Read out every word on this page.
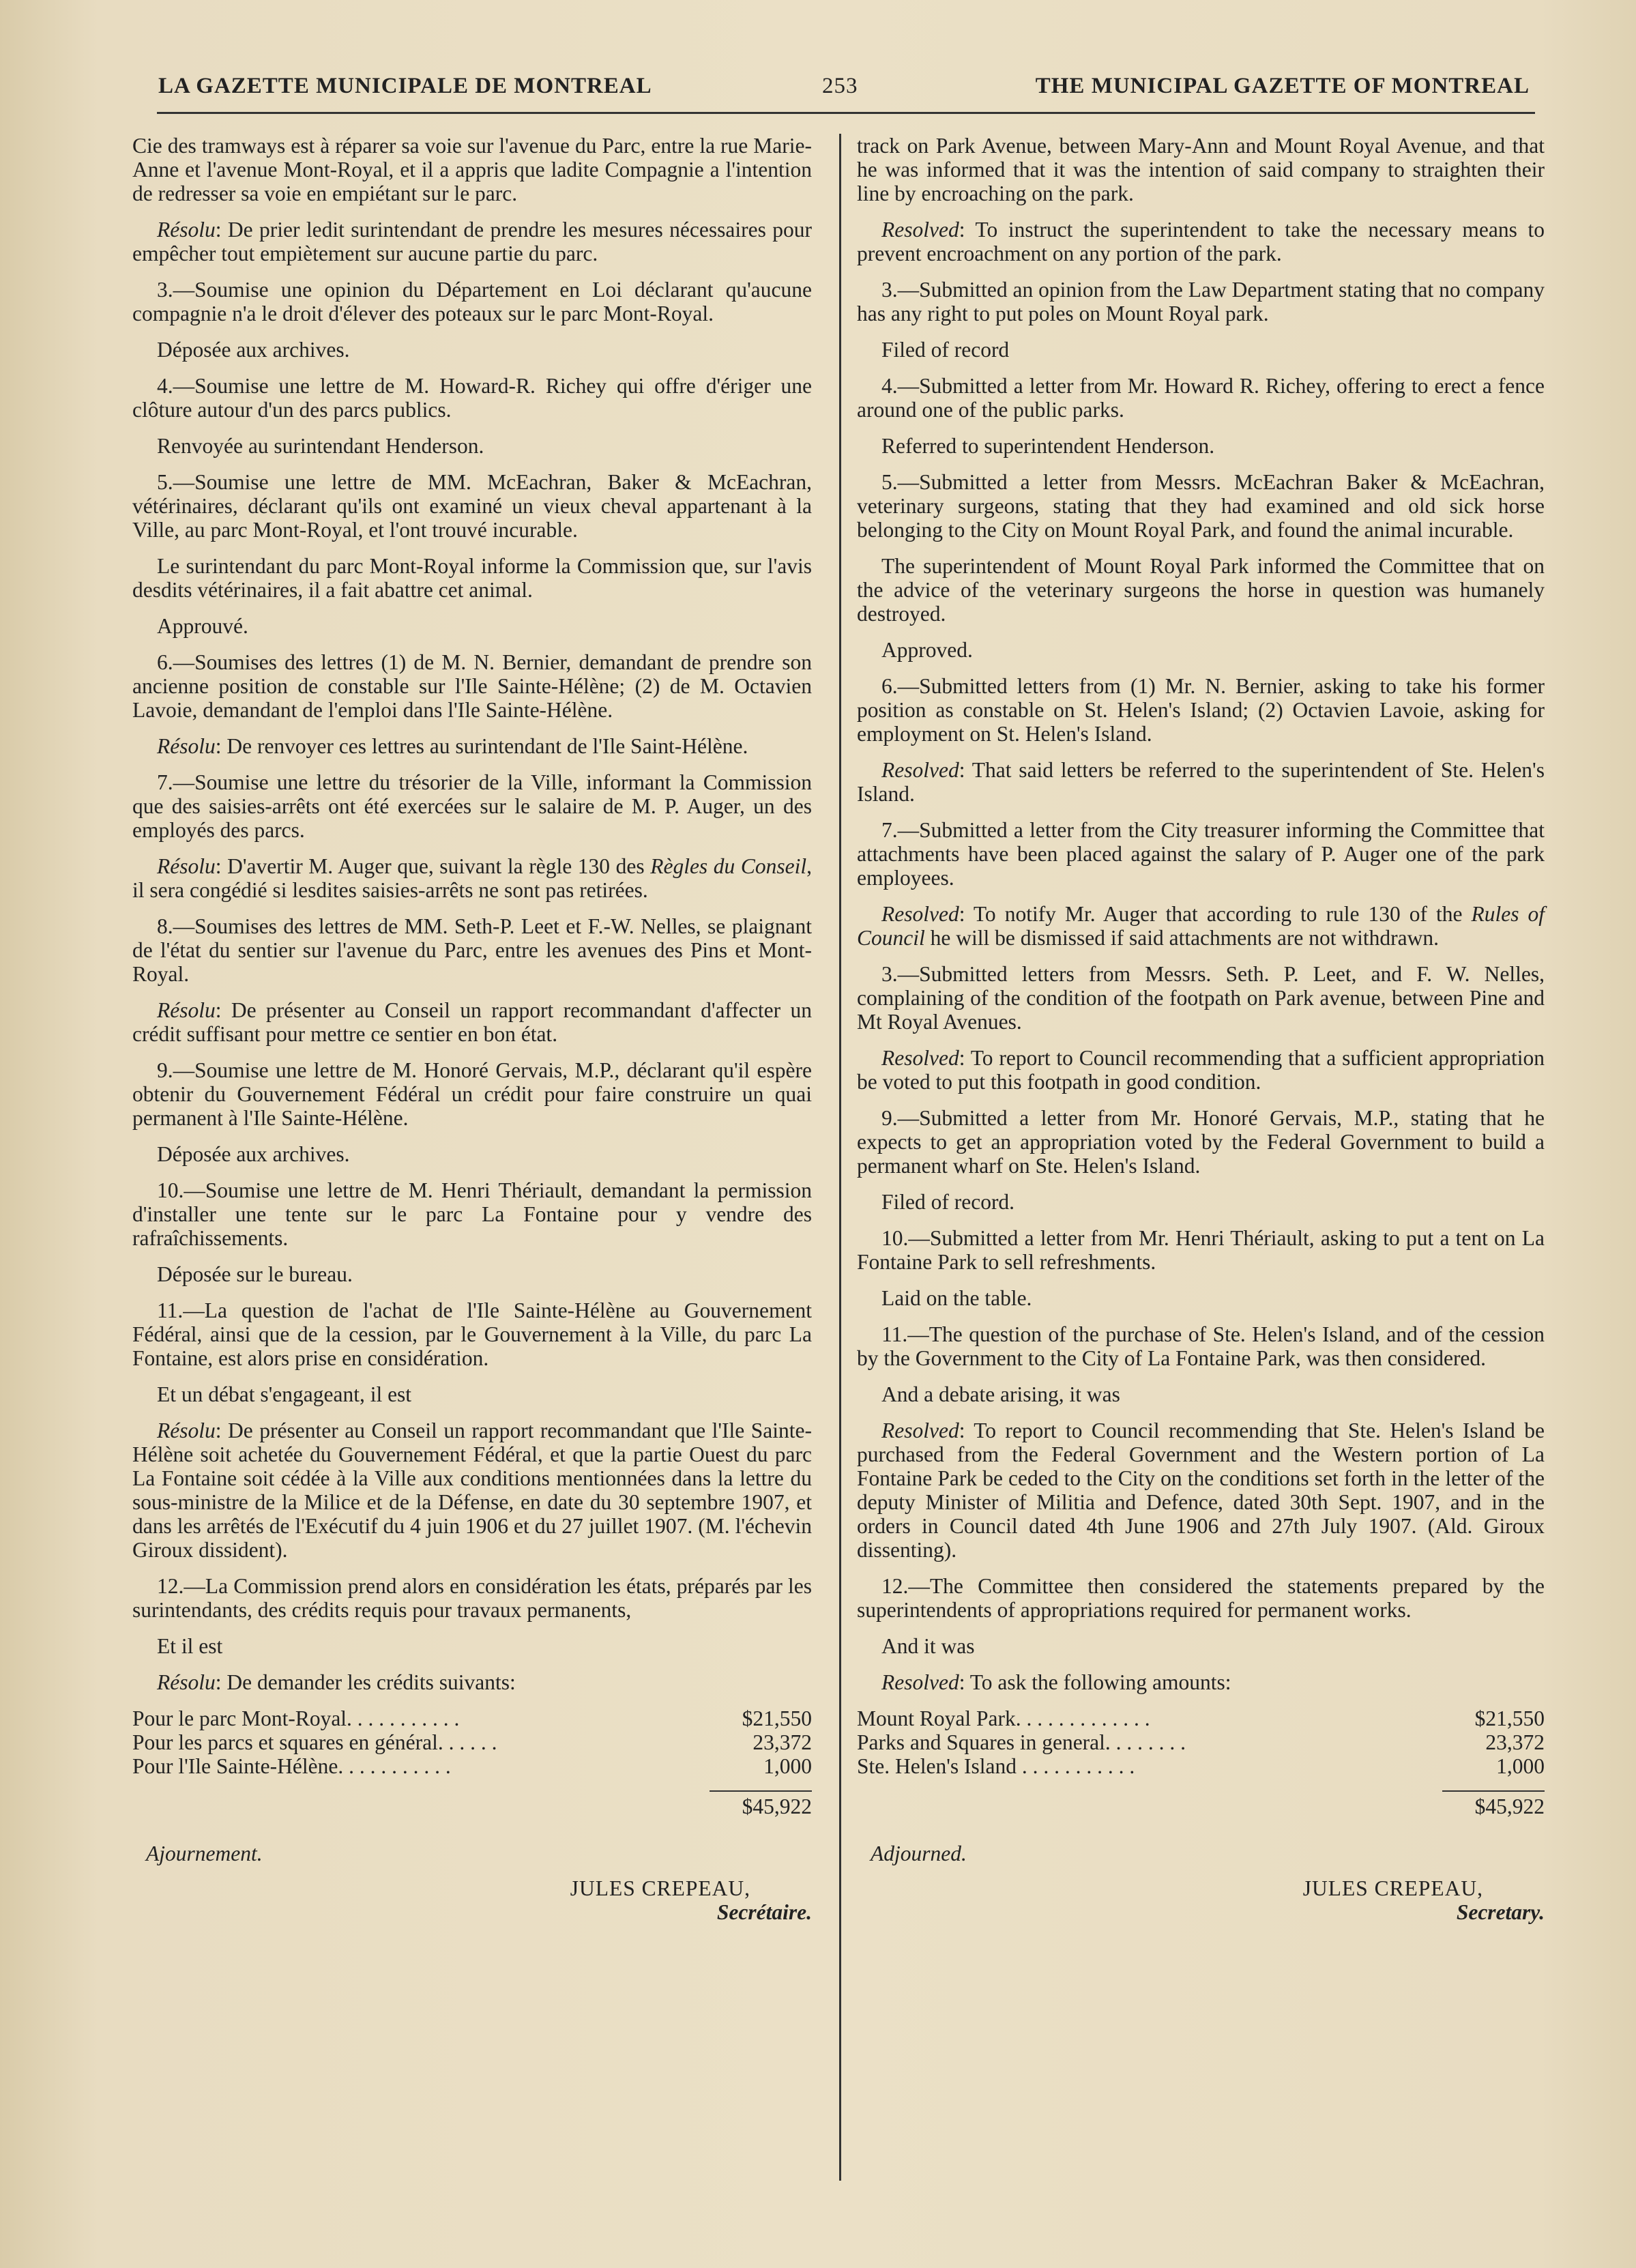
LA GAZETTE MUNICIPALE DE MONTREAL	253	THE MUNICIPAL GAZETTE OF MONTREAL

Cie des tramways est à réparer sa voie sur l'avenue du Parc, entre la rue Marie-Anne et l'avenue Mont-Royal, et il a appris que ladite Compagnie a l'intention de redresser sa voie en empiétant sur le parc.

Résolu: De prier ledit surintendant de prendre les mesures nécessaires pour empêcher tout empiètement sur aucune partie du parc.

3.—Soumise une opinion du Département en Loi déclarant qu'aucune compagnie n'a le droit d'élever des poteaux sur le parc Mont-Royal.

Déposée aux archives.

4.—Soumise une lettre de M. Howard-R. Richey qui offre d'ériger une clôture autour d'un des parcs publics.

Renvoyée au surintendant Henderson.

5.—Soumise une lettre de MM. McEachran, Baker & McEachran, vétérinaires, déclarant qu'ils ont examiné un vieux cheval appartenant à la Ville, au parc Mont-Royal, et l'ont trouvé incurable.

Le surintendant du parc Mont-Royal informe la Commission que, sur l'avis desdits vétérinaires, il a fait abattre cet animal.

Approuvé.

6.—Soumises des lettres (1) de M. N. Bernier, demandant de prendre son ancienne position de constable sur l'Ile Sainte-Hélène; (2) de M. Octavien Lavoie, demandant de l'emploi dans l'Ile Sainte-Hélène.

Résolu: De renvoyer ces lettres au surintendant de l'Ile Saint-Hélène.

7.—Soumise une lettre du trésorier de la Ville, informant la Commission que des saisies-arrêts ont été exercées sur le salaire de M. P. Auger, un des employés des parcs.

Résolu: D'avertir M. Auger que, suivant la règle 130 des Règles du Conseil, il sera congédié si lesdites saisies-arrêts ne sont pas retirées.

8.—Soumises des lettres de MM. Seth-P. Leet et F.-W. Nelles, se plaignant de l'état du sentier sur l'avenue du Parc, entre les avenues des Pins et Mont-Royal.

Résolu: De présenter au Conseil un rapport recommandant d'affecter un crédit suffisant pour mettre ce sentier en bon état.

9.—Soumise une lettre de M. Honoré Gervais, M.P., déclarant qu'il espère obtenir du Gouvernement Fédéral un crédit pour faire construire un quai permanent à l'Ile Sainte-Hélène.

Déposée aux archives.

10.—Soumise une lettre de M. Henri Thériault, demandant la permission d'installer une tente sur le parc La Fontaine pour y vendre des rafraîchissements.

Déposée sur le bureau.

11.—La question de l'achat de l'Ile Sainte-Hélène au Gouvernement Fédéral, ainsi que de la cession, par le Gouvernement à la Ville, du parc La Fontaine, est alors prise en considération.

Et un débat s'engageant, il est

Résolu: De présenter au Conseil un rapport recommandant que l'Ile Sainte-Hélène soit achetée du Gouvernement Fédéral, et que la partie Ouest du parc La Fontaine soit cédée à la Ville aux conditions mentionnées dans la lettre du sous-ministre de la Milice et de la Défense, en date du 30 septembre 1907, et dans les arrêtés de l'Exécutif du 4 juin 1906 et du 27 juillet 1907. (M. l'échevin Giroux dissident).

12.—La Commission prend alors en considération les états, préparés par les surintendants, des crédits requis pour travaux permanents,

Et il est

Résolu: De demander les crédits suivants:

Pour le parc Mont-Royal. . . . . . . . . . .	$21,550
Pour les parcs et squares en général. . . . . .	23,372
Pour l'Ile Sainte-Hélène. . . . . . . . . . .	1,000
$45,922
Ajournement.
JULES CREPEAU,
Secrétaire.

track on Park Avenue, between Mary-Ann and Mount Royal Avenue, and that he was informed that it was the intention of said company to straighten their line by encroaching on the park.

Resolved: To instruct the superintendent to take the necessary means to prevent encroachment on any portion of the park.

3.—Submitted an opinion from the Law Department stating that no company has any right to put poles on Mount Royal park.

Filed of record

4.—Submitted a letter from Mr. Howard R. Richey, offering to erect a fence around one of the public parks.

Referred to superintendent Henderson.

5.—Submitted a letter from Messrs. McEachran Baker & McEachran, veterinary surgeons, stating that they had examined and old sick horse belonging to the City on Mount Royal Park, and found the animal incurable.

The superintendent of Mount Royal Park informed the Committee that on the advice of the veterinary surgeons the horse in question was humanely destroyed.

Approved.

6.—Submitted letters from (1) Mr. N. Bernier, asking to take his former position as constable on St. Helen's Island; (2) Octavien Lavoie, asking for employment on St. Helen's Island.

Resolved: That said letters be referred to the superintendent of Ste. Helen's Island.

7.—Submitted a letter from the City treasurer informing the Committee that attachments have been placed against the salary of P. Auger one of the park employees.

Resolved: To notify Mr. Auger that according to rule 130 of the Rules of Council he will be dismissed if said attachments are not withdrawn.

3.—Submitted letters from Messrs. Seth. P. Leet, and F. W. Nelles, complaining of the condition of the footpath on Park avenue, between Pine and Mt Royal Avenues.

Resolved: To report to Council recommending that a sufficient appropriation be voted to put this footpath in good condition.

9.—Submitted a letter from Mr. Honoré Gervais, M.P., stating that he expects to get an appropriation voted by the Federal Government to build a permanent wharf on Ste. Helen's Island.

Filed of record.

10.—Submitted a letter from Mr. Henri Thériault, asking to put a tent on La Fontaine Park to sell refreshments.

Laid on the table.

11.—The question of the purchase of Ste. Helen's Island, and of the cession by the Government to the City of La Fontaine Park, was then considered.

And a debate arising, it was

Resolved: To report to Council recommending that Ste. Helen's Island be purchased from the Federal Government and the Western portion of La Fontaine Park be ceded to the City on the conditions set forth in the letter of the deputy Minister of Militia and Defence, dated 30th Sept. 1907, and in the orders in Council dated 4th June 1906 and 27th July 1907. (Ald. Giroux dissenting).

12.—The Committee then considered the statements prepared by the superintendents of appropriations required for permanent works.

And it was

Resolved: To ask the following amounts:

Mount Royal Park. . . . . . . . . . . . .	$21,550
Parks and Squares in general. . . . . . . .	23,372
Ste. Helen's Island . . . . . . . . . . .	1,000
$45,922
Adjourned.
JULES CREPEAU,
Secretary.
